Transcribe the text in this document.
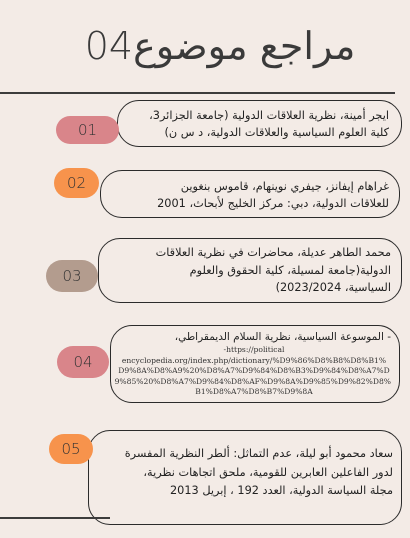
مراجع موضوع04
ايجر أمينة، نظرية العلاقات الدولية (جامعة الجزائر3،
كلية العلوم السياسية والعلاقات الدولية، د س ن)
01
غراهام إيفانز، جيفري نوينهام، قاموس بنغوين
للعلاقات الدولية، دبي: مركز الخليج لأبحاث، 2001
02
محمد الطاهر عديلة، محاضرات في نظرية العلاقات
الدولية(جامعة لمسيلة، كلية الحقوق والعلوم
السياسية، 2023/2024)
03
- الموسوعة السياسية، نظرية السلام الديمقراطي،
https://political-
encyclopedia.org/index.php/dictionary/%D9%86%D8%B8%D8%B1%
D9%8A%D8%A9%20%D8%A7%D9%84%D8%B3%D9%84%D8%A7%D
9%85%20%D8%A7%D9%84%D8%AF%D9%8A%D9%85%D9%82%D8%
B1%D8%A7%D8%B7%D9%8A
04
سعاد محمود أبو ليلة، عدم التماثل: ألطر النظرية المفسرة
لدور الفاعلين العابرين للقومية، ملحق اتجاهات نظرية،
مجلة السياسة الدولية، العدد 192 ، إبريل 2013
05
